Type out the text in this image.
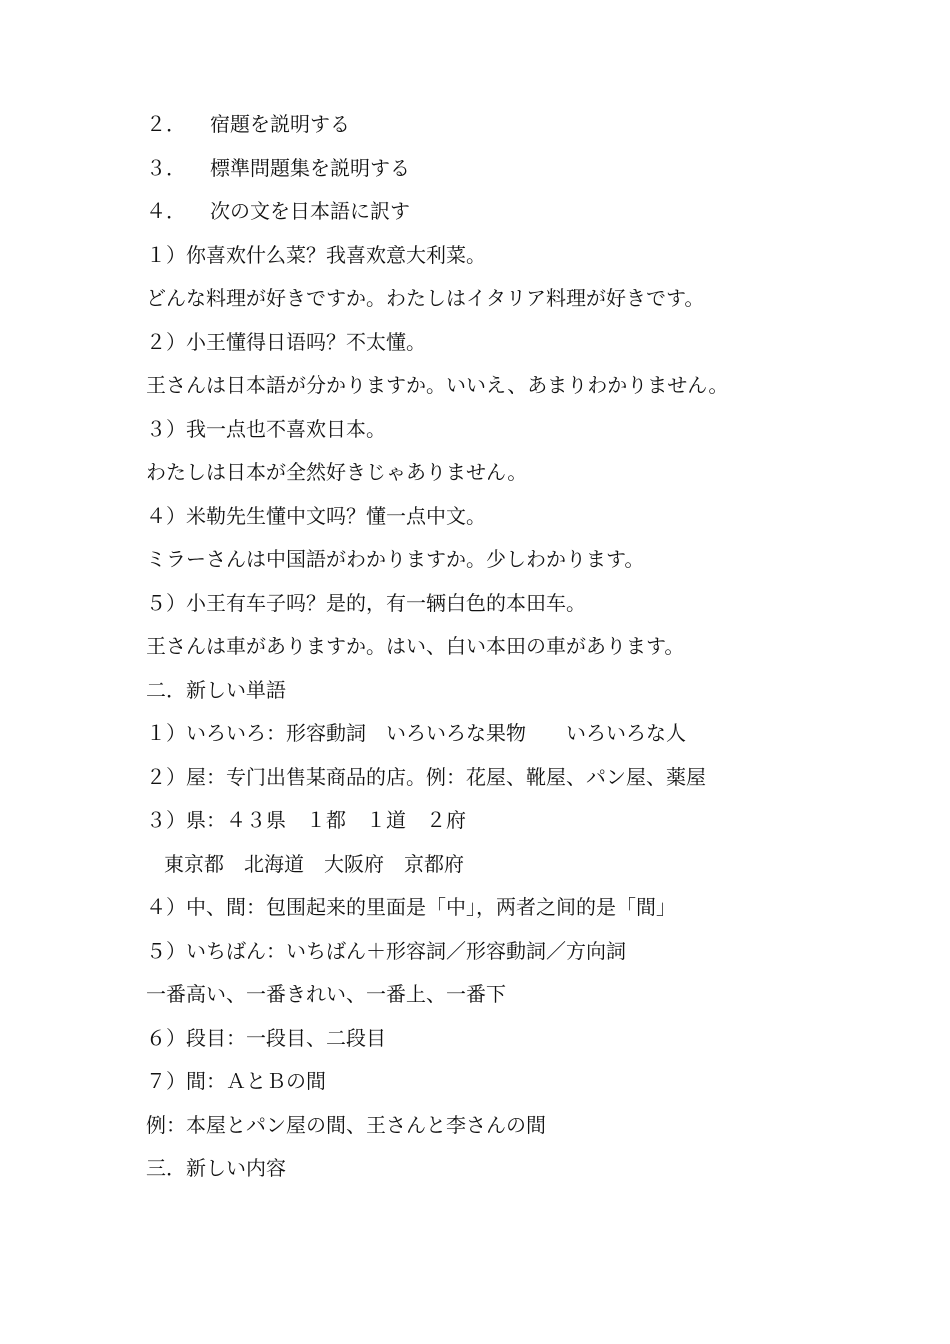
２． 宿題を説明する
３． 標準問題集を説明する
４． 次の文を日本語に訳す
１）你喜欢什么菜？我喜欢意大利菜。
どんな料理が好きですか。わたしはイタリア料理が好きです。
２）小王懂得日语吗？不太懂。
王さんは日本語が分かりますか。いいえ、あまりわかりません。
３）我一点也不喜欢日本。
わたしは日本が全然好きじゃありません。
４）米勒先生懂中文吗？懂一点中文。
ミラーさんは中国語がわかりますか。少しわかります。
５）小王有车子吗？是的，有一辆白色的本田车。
王さんは車がありますか。はい、白い本田の車があります。
二．新しい単語
１）いろいろ：形容動詞　いろいろな果物　　いろいろな人
２）屋：专门出售某商品的店。例：花屋、靴屋、パン屋、薬屋
３）県：４３県　１都　１道　２府
東京都　北海道　大阪府　京都府
４）中、間：包围起来的里面是「中」，两者之间的是「間」
５）いちばん：いちばん＋形容詞／形容動詞／方向詞
一番高い、一番きれい、一番上、一番下
６）段目：一段目、二段目
７）間：ＡとＢの間
例：本屋とパン屋の間、王さんと李さんの間
三．新しい内容
